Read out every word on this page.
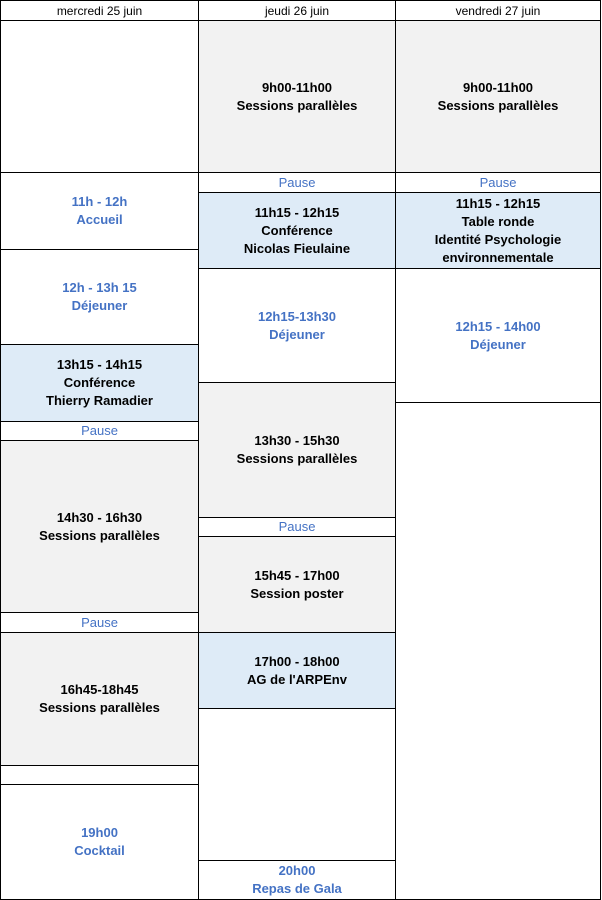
mercredi 25 juin	jeudi 26 juin	vendredi 27 juin
11h - 12h
Accueil
12h - 13h 15
Déjeuner
13h15 - 14h15
Conférence
Thierry Ramadier
Pause
14h30 - 16h30
Sessions parallèles
Pause
16h45-18h45
Sessions parallèles
19h00
Cocktail
9h00-11h00
Sessions parallèles
Pause
11h15 - 12h15
Conférence
Nicolas Fieulaine
12h15-13h30
Déjeuner
13h30 - 15h30
Sessions parallèles
Pause
15h45 - 17h00
Session poster
17h00 - 18h00
AG de l'ARPEnv
20h00
Repas de Gala
9h00-11h00
Sessions parallèles
Pause
11h15 - 12h15
Table ronde
Identité Psychologie
environnementale
12h15 - 14h00
Déjeuner
